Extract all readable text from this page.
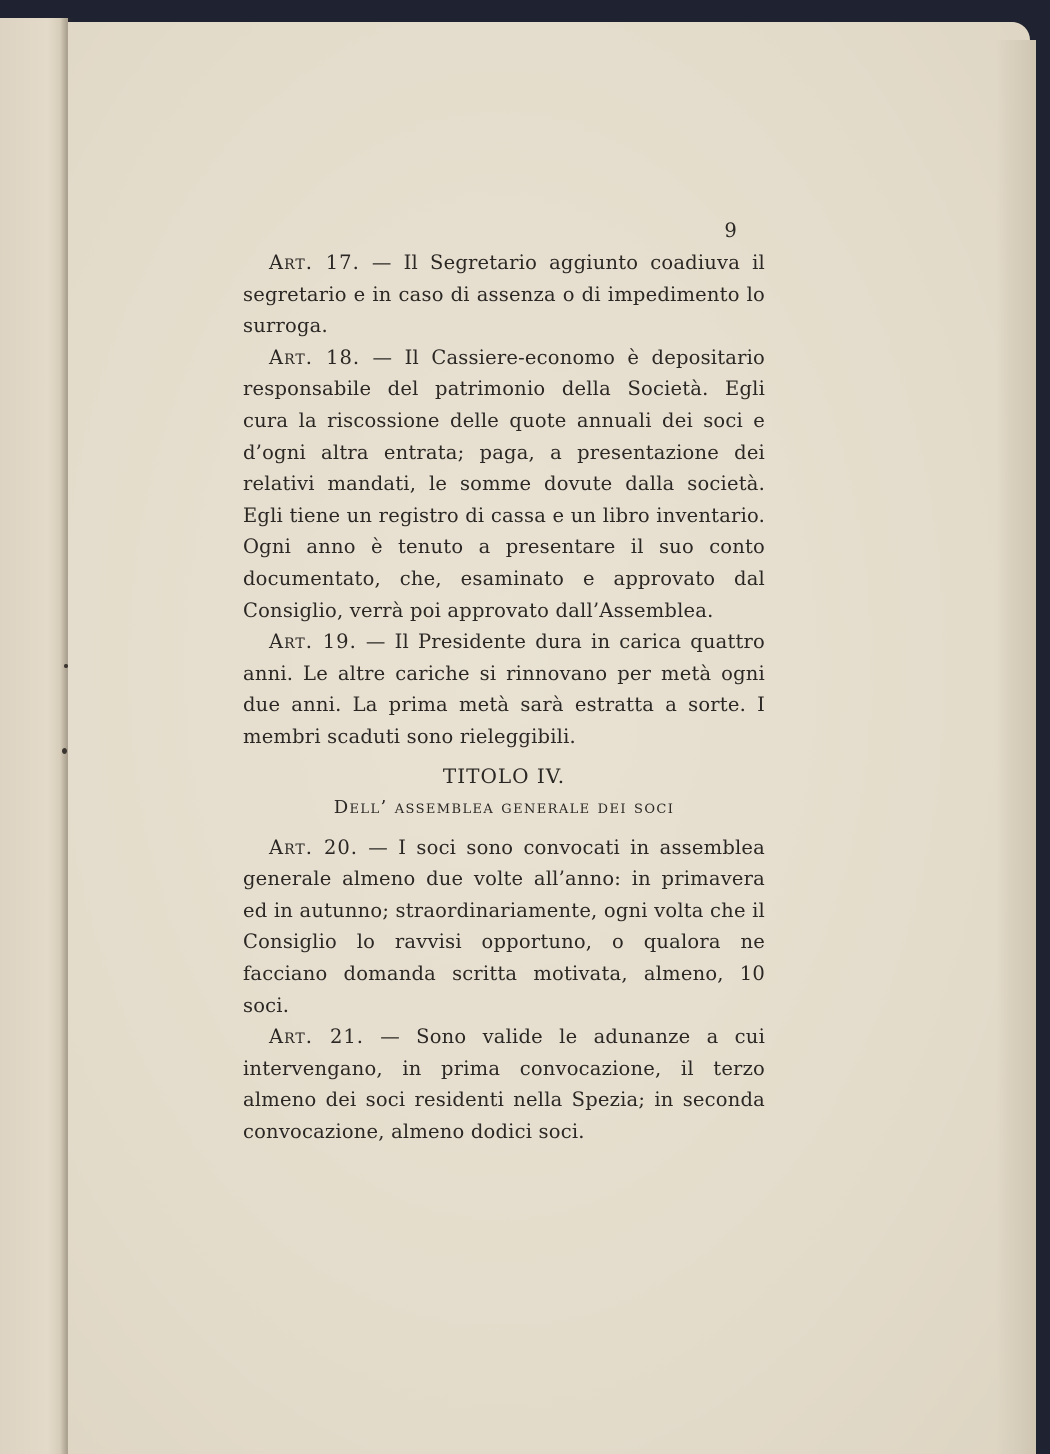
9

Art. 17. — Il Segretario aggiunto coadiuva il segretario e in caso di assenza o di impedimento lo surroga.

Art. 18. — Il Cassiere-economo è depositario responsabile del patrimonio della Società. Egli cura la riscossione delle quote annuali dei soci e d’ogni altra entrata; paga, a presentazione dei relativi mandati, le somme dovute dalla società. Egli tiene un registro di cassa e un libro inventario. Ogni anno è tenuto a presentare il suo conto documentato, che, esaminato e approvato dal Consiglio, verrà poi approvato dall’Assemblea.

Art. 19. — Il Presidente dura in carica quattro anni. Le altre cariche si rinnovano per metà ogni due anni. La prima metà sarà estratta a sorte. I membri scaduti sono rieleggibili.

TITOLO IV.
Dell’ assemblea generale dei soci

Art. 20. — I soci sono convocati in assemblea generale almeno due volte all’anno: in primavera ed in autunno; straordinariamente, ogni volta che il Consiglio lo ravvisi opportuno, o qualora ne facciano domanda scritta motivata, almeno, 10 soci.

Art. 21. — Sono valide le adunanze a cui intervengano, in prima convocazione, il terzo almeno dei soci residenti nella Spezia; in seconda convocazione, almeno dodici soci.
